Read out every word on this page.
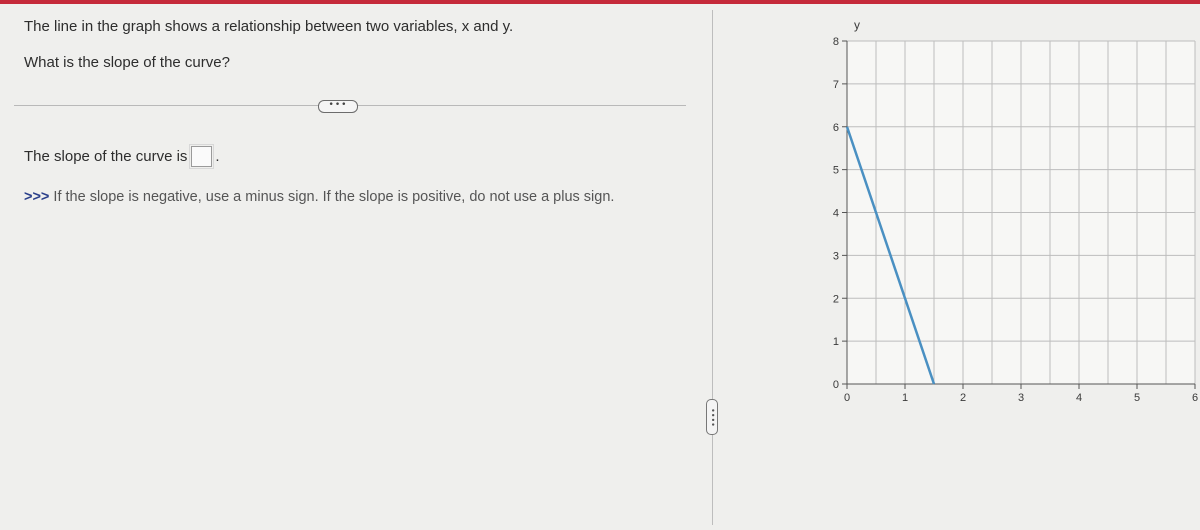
The line in the graph shows a relationship between two variables, x and y.
What is the slope of the curve?
•••
The slope of the curve is .
>>> If the slope is negative, use a minus sign. If the slope is positive, do not use a plus sign.
••••
0	1	2	3	4	5	6
0
1
2
3
4
5
6
7
8
y
